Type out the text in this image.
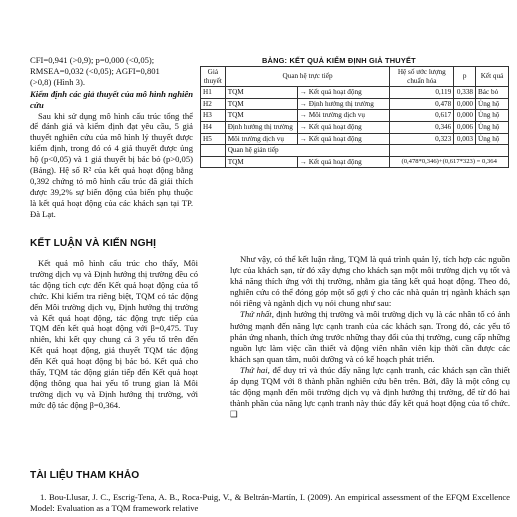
CFI=0,941 (>0,9); p=0,000 (<0,05);

RMSEA=0,032 (<0,05); AGFI=0,801

(>0,8) (Hình 3).

Kiểm định các giả thuyết của mô hình nghiên cứu

Sau khi sử dụng mô hình cấu trúc tổng thể để đánh giá và kiểm định đạt yêu cầu, 5 giả thuyết nghiên cứu của mô hình lý thuyết được kiểm định, trong đó có 4 giả thuyết được ủng hộ (p<0,05) và 1 giả thuyết bị bác bỏ (p>0,05) (Bảng). Hệ số R² của kết quả hoạt động bằng 0,392 chứng tỏ mô hình cấu trúc đã giải thích được 39,2% sự biến động của biến phụ thuộc là kết quả hoạt động của các khách sạn tại TP. Đà Lạt.

KẾT LUẬN VÀ KIẾN NGHỊ

Kết quả mô hình cấu trúc cho thấy, Môi trường dịch vụ và Định hướng thị trường đều có tác động tích cực đến Kết quả hoạt động của tổ chức. Khi kiểm tra riêng biệt, TQM có tác động đến Môi trường dịch vụ, Định hướng thị trường và Kết quả hoạt động, tác động trực tiếp của TQM đến kết quả hoạt động với β=0,475. Tuy nhiên, khi kết quy chung cả 3 yếu tố trên đến Kết quả hoạt động, giả thuyết TQM tác động đến Kết quả hoạt động bị bác bỏ. Kết quả cho thấy, TQM tác động gián tiếp đến Kết quả hoạt động thông qua hai yếu tố trung gian là Môi trường dịch vụ và Định hướng thị trường, với mức độ tác động β=0,364.

BẢNG: KẾT QUẢ KIỂM ĐỊNH GIẢ THUYẾT
Giả thuyết	Quan hệ trực tiếp		Hệ số ước lượng chuẩn hóa	p	Kết quả
H1	TQM	→ Kết quả hoạt động	0,119	0,338	Bác bỏ
H2	TQM	→ Định hướng thị trường	0,478	0,000	Ủng hộ
H3	TQM	→ Môi trường dịch vụ	0,617	0,000	Ủng hộ
H4	Định hướng thị trường	→ Kết quả hoạt động	0,346	0,006	Ủng hộ
H5	Môi trường dịch vụ	→ Kết quả hoạt động	0,323	0,003	Ủng hộ
	Quan hệ gián tiếp				
	TQM	→ Kết quả hoạt động	(0,478*0,346)+(0,617*323) = 0,364		

Như vậy, có thể kết luận rằng, TQM là quá trình quản lý, tích hợp các nguồn lực của khách sạn, từ đó xây dựng cho khách sạn một môi trường dịch vụ tốt và khả năng thích ứng với thị trường, nhằm gia tăng kết quả hoạt động. Theo đó, nghiên cứu có thể đóng góp một số gợi ý cho các nhà quản trị ngành khách sạn nói riêng và ngành dịch vụ nói chung như sau:

Thứ nhất, định hướng thị trường và môi trường dịch vụ là các nhân tố có ảnh hưởng mạnh đến năng lực cạnh tranh của các khách sạn. Trong đó, các yếu tố phản ứng nhanh, thích ứng trước những thay đổi của thị trường, cung cấp những nguồn lực làm việc cần thiết và động viên nhân viên kịp thời cần được các khách sạn quan tâm, nuôi dưỡng và có kế hoạch phát triển.

Thứ hai, để duy trì và thúc đẩy năng lực cạnh tranh, các khách sạn cần thiết áp dụng TQM với 8 thành phần nghiên cứu bên trên. Bởi, đây là một công cụ tác động mạnh đến môi trường dịch vụ và định hướng thị trường, để từ đó hai thành phần của năng lực cạnh tranh này thúc đẩy kết quả hoạt động của tổ chức. ❑

TÀI LIỆU THAM KHẢO

1. Bou-Llusar, J. C., Escrig-Tena, A. B., Roca-Puig, V., & Beltrán-Martín, I. (2009). An empirical assessment of the EFQM Excellence Model: Evaluation as a TQM framework relative
